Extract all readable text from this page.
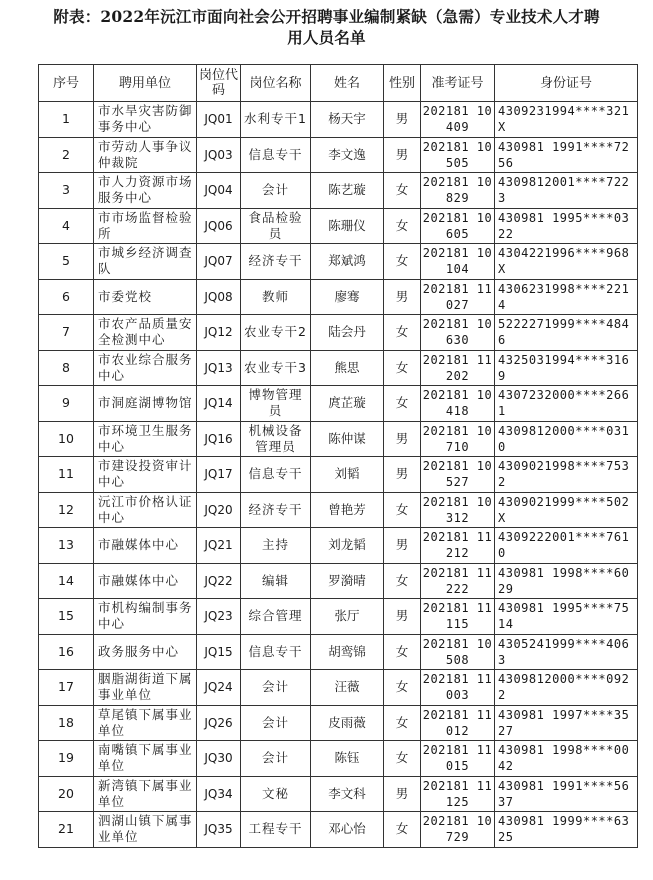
附表：2022年沅江市面向社会公开招聘事业编制紧缺（急需）专业技术人才聘
用人员名单
序号	聘用单位	岗位代码	岗位名称	姓名	性别	准考证号	身份证号
1	市水旱灾害防御事务中心	JQ01	水利专干1	杨天宇	男	202181 10409	4309231994****321X
2	市劳动人事争议仲裁院	JQ03	信息专干	李文逸	男	202181 10505	430981 1991****7256
3	市人力资源市场服务中心	JQ04	会计	陈艺璇	女	202181 10829	4309812001****7223
4	市市场监督检验所	JQ06	食品检验员	陈珊仪	女	202181 10605	430981 1995****0322
5	市城乡经济调查队	JQ07	经济专干	郑斌鸿	女	202181 10104	4304221996****968X
6	市委党校	JQ08	教师	廖骞	男	202181 11027	4306231998****2214
7	市农产品质量安全检测中心	JQ12	农业专干2	陆会丹	女	202181 10630	5222271999****4846
8	市农业综合服务中心	JQ13	农业专干3	熊思	女	202181 11202	4325031994****3169
9	市洞庭湖博物馆	JQ14	博物管理员	庹芷璇	女	202181 10418	4307232000****2661
10	市环境卫生服务中心	JQ16	机械设备管理员	陈仲谋	男	202181 10710	4309812000****0310
11	市建设投资审计中心	JQ17	信息专干	刘韬	男	202181 10527	4309021998****7532
12	沅江市价格认证中心	JQ20	经济专干	曾艳芳	女	202181 10312	4309021999****502X
13	市融媒体中心	JQ21	主持	刘龙韬	男	202181 11212	4309222001****7610
14	市融媒体中心	JQ22	编辑	罗漪晴	女	202181 11222	430981 1998****6029
15	市机构编制事务中心	JQ23	综合管理	张厅	男	202181 11115	430981 1995****7514
16	政务服务中心	JQ15	信息专干	胡鸾锦	女	202181 10508	4305241999****4063
17	胭脂湖街道下属事业单位	JQ24	会计	汪薇	女	202181 11003	4309812000****0922
18	草尾镇下属事业单位	JQ26	会计	皮雨薇	女	202181 11012	430981 1997****3527
19	南嘴镇下属事业单位	JQ30	会计	陈钰	女	202181 11015	430981 1998****0042
20	新湾镇下属事业单位	JQ34	文秘	李文科	男	202181 11125	430981 1991****5637
21	泗湖山镇下属事业单位	JQ35	工程专干	邓心怡	女	202181 10729	430981 1999****6325
